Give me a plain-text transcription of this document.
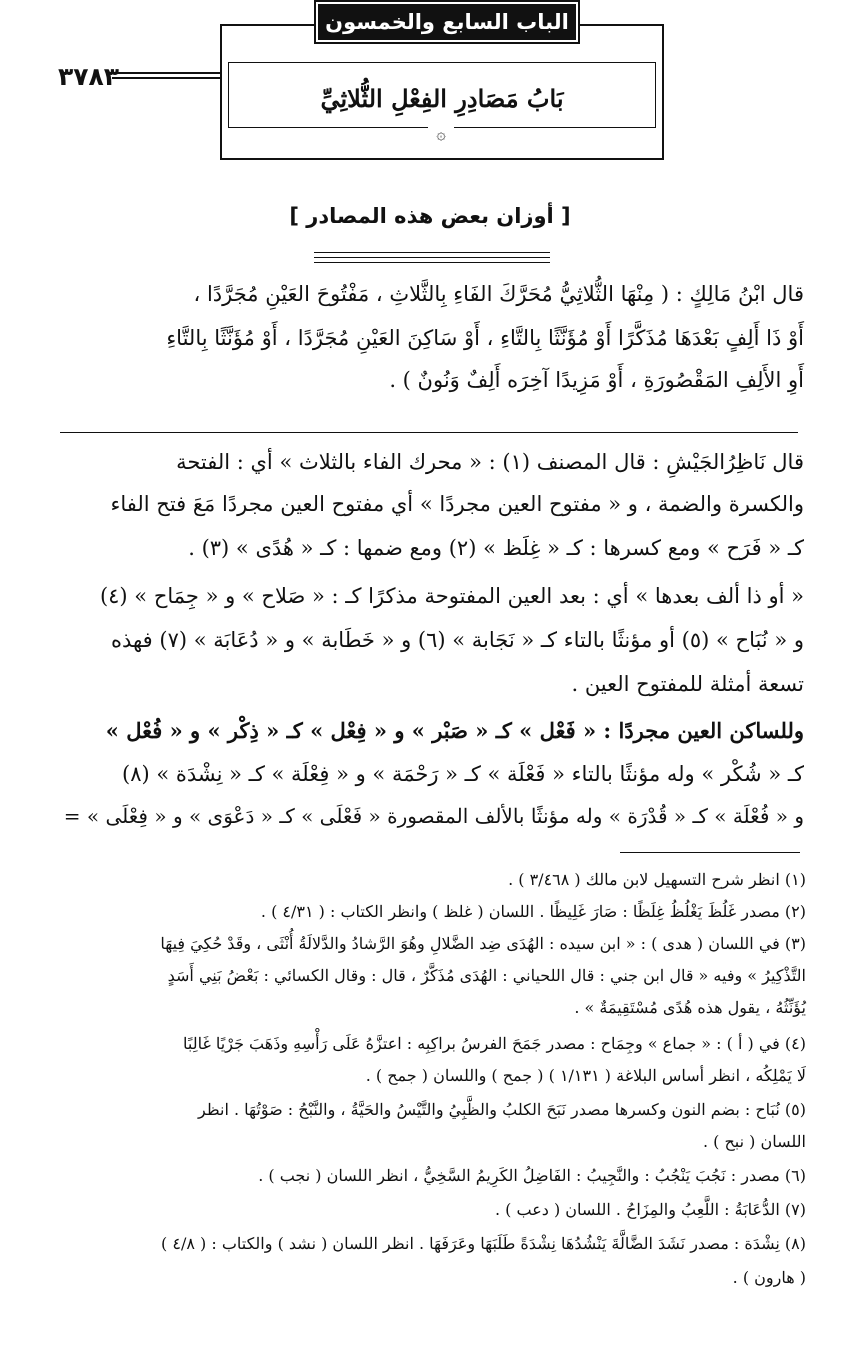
الباب السابع والخمسون
بَابُ مَصَادِرِ الفِعْلِ الثُّلاثِيِّ
۞
٣٧٨٣
[ أوزان بعض هذه المصادر ]
قال ابْنُ مَالِكٍ : ( مِنْهَا الثُّلاثِيُّ مُحَرَّكَ الفَاءِ بِالثَّلاثِ ، مَفْتُوحَ العَيْنِ مُجَرَّدًا ،
أَوْ ذَا أَلِفٍ بَعْدَهَا مُذَكَّرًا أَوْ مُؤَنَّثًا بِالتَّاءِ ، أَوْ سَاكِنَ العَيْنِ مُجَرَّدًا ، أَوْ مُؤَنَّثًا بِالتَّاءِ
أَوِ الأَلِفِ المَقْصُورَةِ ، أَوْ مَزِيدًا آخِرَه أَلِفٌ وَنُونٌ ) .
قال نَاظِرُالجَيْشِ : قال المصنف (١) : « محرك الفاء بالثلاث » أي : الفتحة
والكسرة والضمة ، و « مفتوح العين مجردًا » أي مفتوح العين مجردًا مَعَ فتح الفاء
كـ « فَرَح » ومع كسرها : كـ « غِلَظ » (٢) ومع ضمها : كـ « هُدًى » (٣) .
« أو ذا ألف بعدها » أي : بعد العين المفتوحة مذكرًا كـ : « صَلاح » و « جِمَاح » (٤)
و « نُبَاح » (٥) أو مؤنثًا بالتاء كـ « نَجَابة » (٦) و « خَطَابة » و « دُعَابَة » (٧) فهذه
تسعة أمثلة للمفتوح العين .
وللساكن العين مجردًا : « فَعْل » كـ « صَبْر » و « فِعْل » كـ « ذِكْر » و « فُعْل »
كـ « شُكْر » وله مؤنثًا بالتاء « فَعْلَة » كـ « رَحْمَة » و « فِعْلَة » كـ « نِشْدَة » (٨)
و « فُعْلَة » كـ « قُدْرَة » وله مؤنثًا بالألف المقصورة « فَعْلَى » كـ « دَعْوَى » و « فِعْلَى » =
(١) انظر شرح التسهيل لابن مالك ( ٣/٤٦٨ ) .
(٢) مصدر غَلُظَ يَغْلُظُ غِلَظًا : صَارَ غَلِيظًا . اللسان ( غلظ ) وانظر الكتاب : ( ٤/٣١ ) .
(٣) في اللسان ( هدى ) : « ابن سيده : الهُدَى ضِد الضَّلالِ وهُوَ الرَّشادُ والدَّلالَةُ أُنْثَى ، وقَدْ حُكِيَ فِيهَا
التَّذْكِيرُ » وفيه « قال ابن جني : قال اللحياني : الهُدَى مُذَكَّرٌ ، قال : وقال الكسائي : بَعْضُ بَنِي أَسَدٍ
يُؤَنِّثُهُ ، يقول هذه هُدًى مُسْتَقِيمَةٌ » .
(٤) في ( أ ) : « جماع » وجِمَاح : مصدر جَمَحَ الفرسُ براكِبِه : اعتزَّهُ عَلَى رَأْسِهِ وذَهَبَ جَرْيًا غَالِبًا
لَا يَمْلِكُه ، انظر أساس البلاغة ( ١/١٣١ ) ( جمح ) واللسان ( جمح ) .
(٥) نُبَاح : بضم النون وكسرها مصدر نَبَحَ الكلبُ والظَّبِيُ والتَّيْسُ والحَيَّةُ ، والنَّبْحُ : صَوْتُهَا . انظر
اللسان ( نبح ) .
(٦) مصدر : نَجُبَ يَنْجُبُ : والنَّجِيبُ : الفَاضِلُ الكَرِيمُ السَّخِيُّ ، انظر اللسان ( نجب ) .
(٧) الدُّعَابَةُ : اللَّعِبُ والمِزَاحُ . اللسان ( دعب ) .
(٨) نِشْدَة : مصدر نَشَدَ الضَّالَّةَ يَنْشُدُهَا نِشْدَةً طَلَبَهَا وعَرَفَهَا . انظر اللسان ( نشد ) والكتاب : ( ٤/٨ )
( هارون ) .
